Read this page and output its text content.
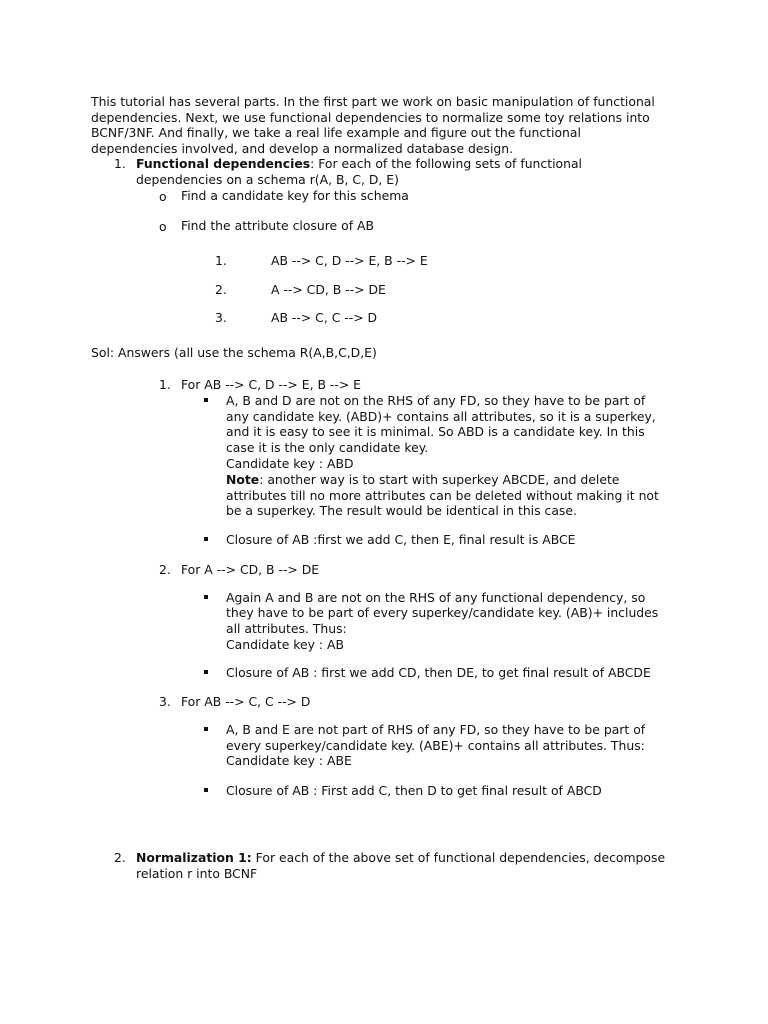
This tutorial has several parts. In the first part we work on basic manipulation of functional
dependencies. Next, we use functional dependencies to normalize some toy relations into
BCNF/3NF. And finally, we take a real life example and figure out the functional
dependencies involved, and develop a normalized database design.
1. Functional dependencies: For each of the following sets of functional
dependencies on a schema r(A, B, C, D, E)
o Find a candidate key for this schema
o Find the attribute closure of AB
1.	AB --> C, D --> E, B --> E
2.	A --> CD, B --> DE
3.	AB --> C, C --> D
Sol: Answers (all use the schema R(A,B,C,D,E)
1. For AB --> C, D --> E, B --> E
A, B and D are not on the RHS of any FD, so they have to be part of
any candidate key. (ABD)+ contains all attributes, so it is a superkey,
and it is easy to see it is minimal. So ABD is a candidate key. In this
case it is the only candidate key.
Candidate key : ABD
Note: another way is to start with superkey ABCDE, and delete
attributes till no more attributes can be deleted without making it not
be a superkey. The result would be identical in this case.
Closure of AB :first we add C, then E, final result is ABCE
2. For A --> CD, B --> DE
Again A and B are not on the RHS of any functional dependency, so
they have to be part of every superkey/candidate key. (AB)+ includes
all attributes. Thus:
Candidate key : AB
Closure of AB : first we add CD, then DE, to get final result of ABCDE
3. For AB --> C, C --> D
A, B and E are not part of RHS of any FD, so they have to be part of
every superkey/candidate key. (ABE)+ contains all attributes. Thus:
Candidate key : ABE
Closure of AB : First add C, then D to get final result of ABCD
2. Normalization 1: For each of the above set of functional dependencies, decompose
relation r into BCNF
